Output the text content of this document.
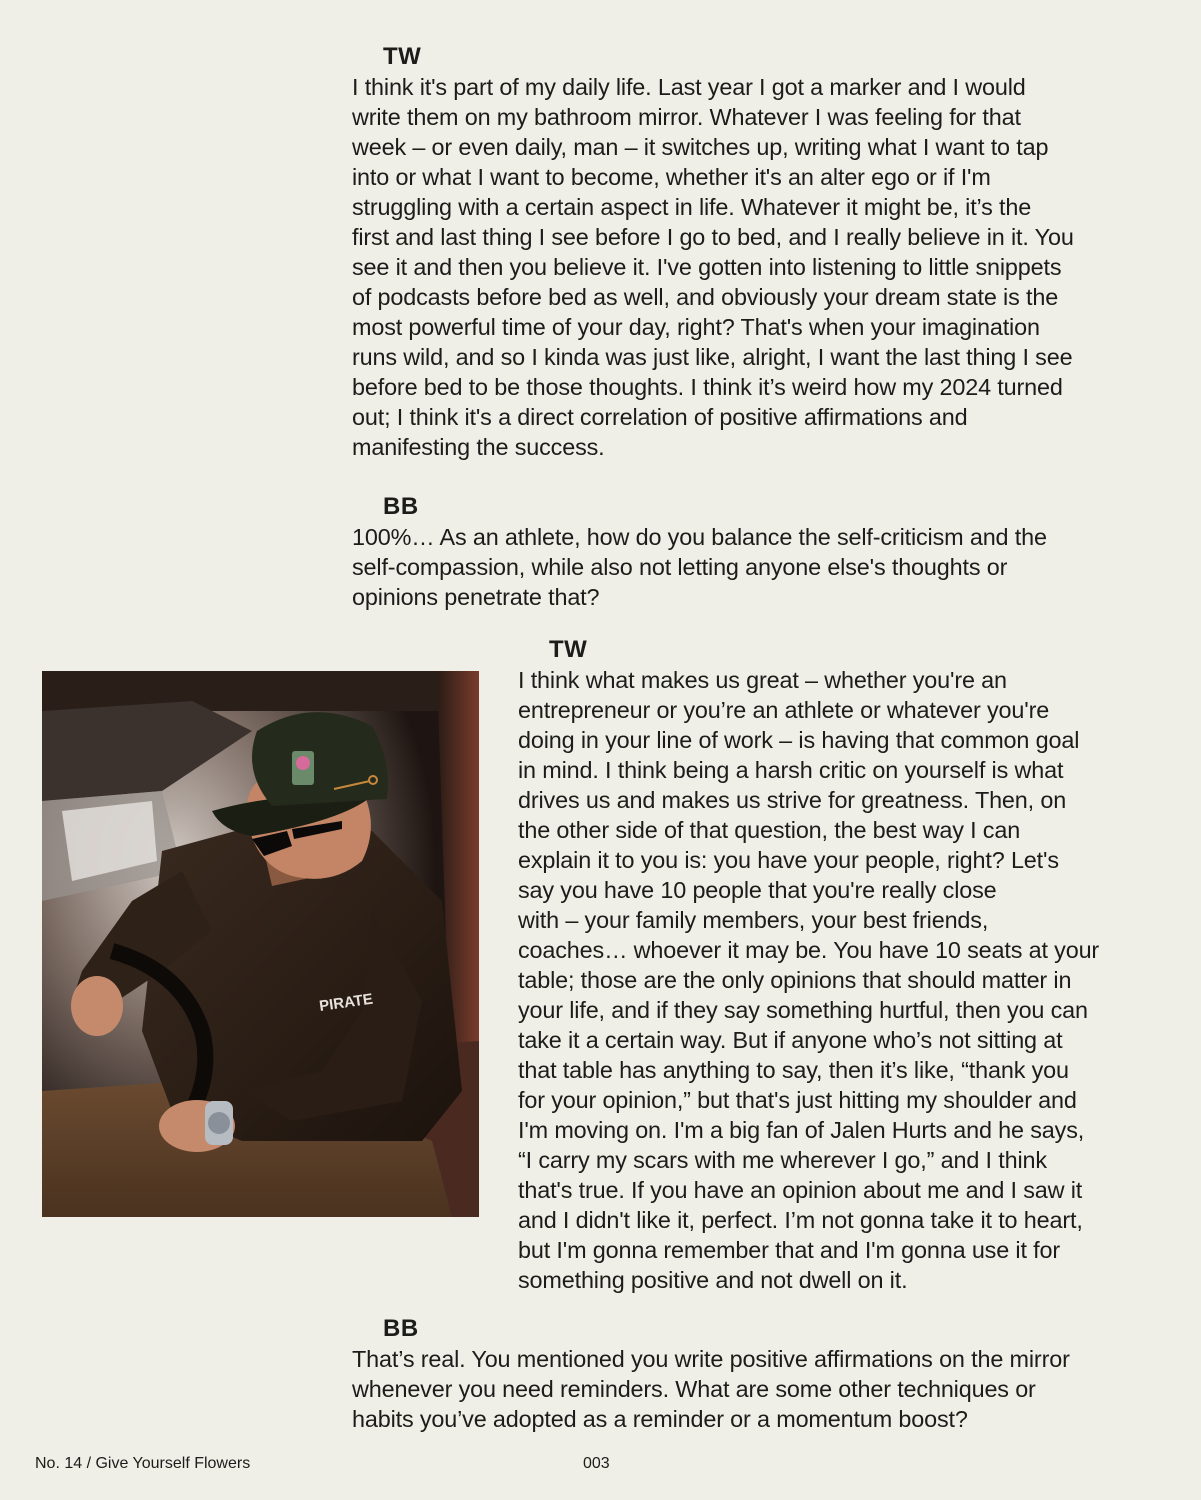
TW

I think it's part of my daily life. Last year I got a marker and I would
write them on my bathroom mirror. Whatever I was feeling for that
week – or even daily, man – it switches up, writing what I want to tap
into or what I want to become, whether it's an alter ego or if I'm
struggling with a certain aspect in life. Whatever it might be, it’s the
first and last thing I see before I go to bed, and I really believe in it. You
see it and then you believe it. I've gotten into listening to little snippets
of podcasts before bed as well, and obviously your dream state is the
most powerful time of your day, right? That's when your imagination
runs wild, and so I kinda was just like, alright, I want the last thing I see
before bed to be those thoughts. I think it’s weird how my 2024 turned
out; I think it's a direct correlation of positive affirmations and
manifesting the success.

BB

100%… As an athlete, how do you balance the self-criticism and the
self-compassion, while also not letting anyone else's thoughts or
opinions penetrate that?

PIRATE
TW

I think what makes us great – whether you're an
entrepreneur or you’re an athlete or whatever you're
doing in your line of work – is having that common goal
in mind. I think being a harsh critic on yourself is what
drives us and makes us strive for greatness. Then, on
the other side of that question, the best way I can
explain it to you is: you have your people, right? Let's
say you have 10 people that you're really close
with – your family members, your best friends,
coaches… whoever it may be. You have 10 seats at your
table; those are the only opinions that should matter in
your life, and if they say something hurtful, then you can
take it a certain way. But if anyone who’s not sitting at
that table has anything to say, then it’s like, “thank you
for your opinion,” but that's just hitting my shoulder and
I'm moving on. I'm a big fan of Jalen Hurts and he says,
“I carry my scars with me wherever I go,” and I think
that's true. If you have an opinion about me and I saw it
and I didn't like it, perfect. I’m not gonna take it to heart,
but I'm gonna remember that and I'm gonna use it for
something positive and not dwell on it.

BB

That’s real. You mentioned you write positive affirmations on the mirror
whenever you need reminders. What are some other techniques or
habits you’ve adopted as a reminder or a momentum boost?

No. 14 / Give Yourself Flowers	003
